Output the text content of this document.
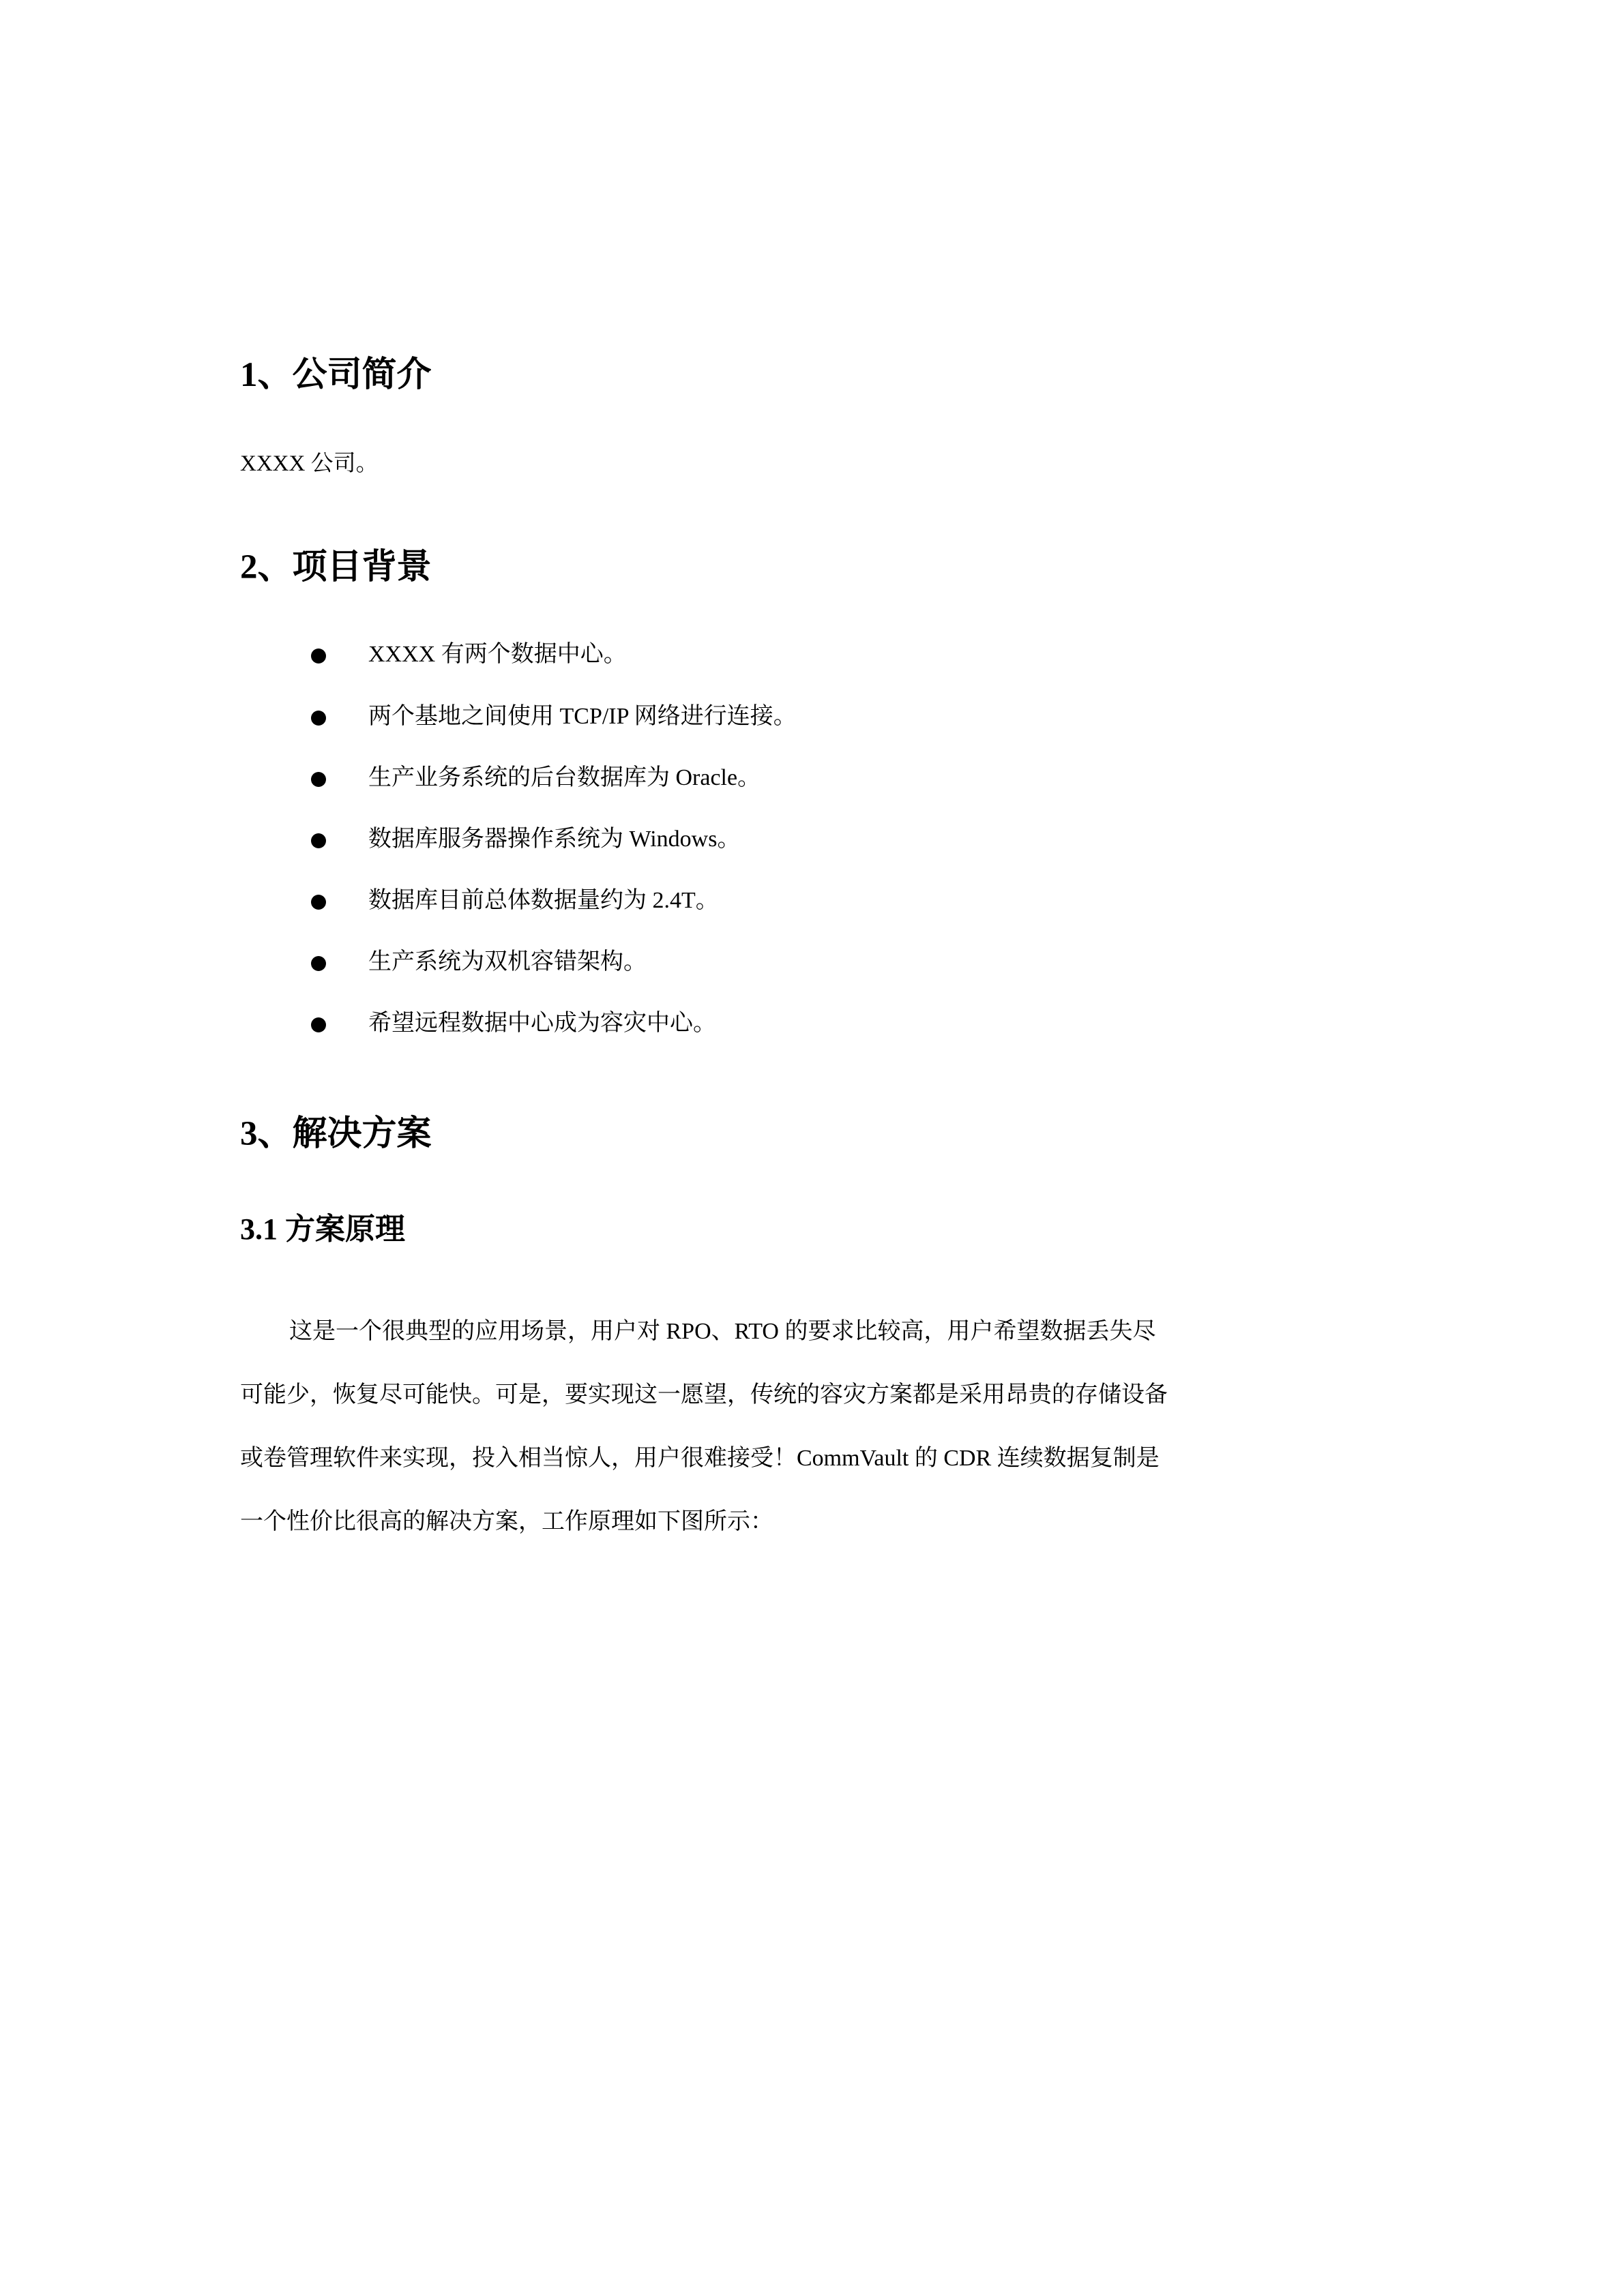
1、公司简介

XXXX 公司。

2、项目背景
XXXX 有两个数据中心。
两个基地之间使用 TCP/IP 网络进行连接。
生产业务系统的后台数据库为 Oracle。
数据库服务器操作系统为 Windows。
数据库目前总体数据量约为 2.4T。
生产系统为双机容错架构。
希望远程数据中心成为容灾中心。
3、解决方案
3.1 方案原理
这是一个很典型的应用场景，用户对 RPO、RTO 的要求比较高，用户希望数据丢失尽
可能少，恢复尽可能快。可是，要实现这一愿望，传统的容灾方案都是采用昂贵的存储设备
或卷管理软件来实现，投入相当惊人，用户很难接受！CommVault 的 CDR 连续数据复制是
一个性价比很高的解决方案，工作原理如下图所示：
